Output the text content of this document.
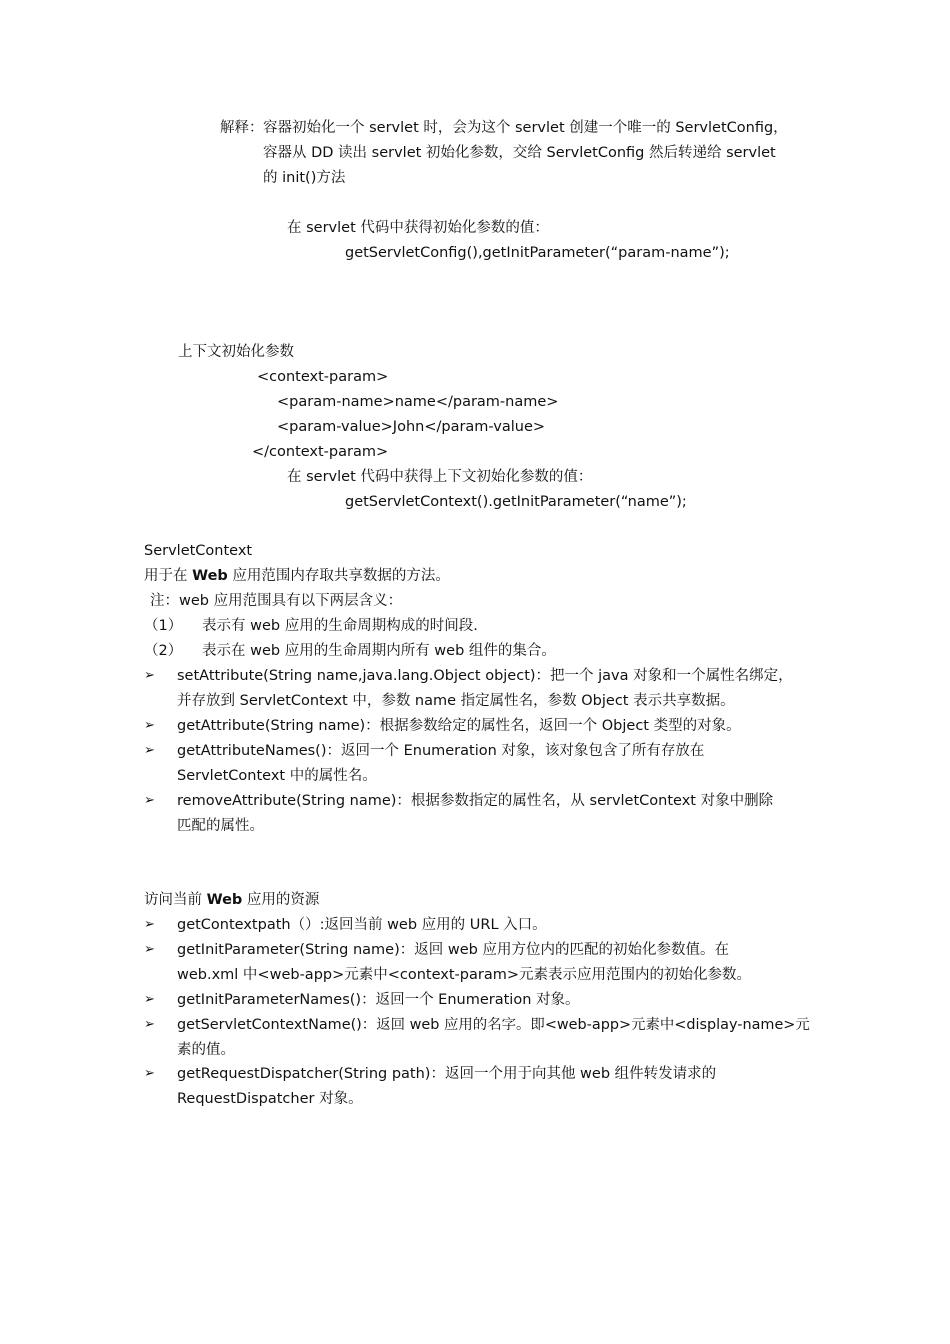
解释： 容器初始化一个 servlet 时，会为这个 servlet 创建一个唯一的 ServletConfig，
容器从 DD 读出 servlet 初始化参数，交给 ServletConfig 然后转递给 servlet
的 init()方法
在 servlet 代码中获得初始化参数的值：
getServletConfig(),getInitParameter(“param-name”);
上下文初始化参数
<context-param>
<param-name>name</param-name>
<param-value>John</param-value>
</context-param>
在 servlet 代码中获得上下文初始化参数的值：
getServletContext().getInitParameter(“name”);
ServletContext
用于在 Web 应用范围内存取共享数据的方法。
注：web 应用范围具有以下两层含义：
（1） 表示有 web 应用的生命周期构成的时间段.
（2） 表示在 web 应用的生命周期内所有 web 组件的集合。
➢ setAttribute(String name,java.lang.Object object)：把一个 java 对象和一个属性名绑定，
并存放到 ServletContext 中，参数 name 指定属性名，参数 Object 表示共享数据。
➢ getAttribute(String name)：根据参数给定的属性名，返回一个 Object 类型的对象。
➢ getAttributeNames()：返回一个 Enumeration 对象，该对象包含了所有存放在
ServletContext 中的属性名。
➢ removeAttribute(String name)：根据参数指定的属性名，从 servletContext 对象中删除
匹配的属性。
访问当前 Web 应用的资源
➢ getContextpath（）:返回当前 web 应用的 URL 入口。
➢ getInitParameter(String name)：返回 web 应用方位内的匹配的初始化参数值。在
web.xml 中<web-app>元素中<context-param>元素表示应用范围内的初始化参数。
➢ getInitParameterNames()：返回一个 Enumeration 对象。
➢ getServletContextName()：返回 web 应用的名字。即<web-app>元素中<display-name>元
素的值。
➢ getRequestDispatcher(String path)：返回一个用于向其他 web 组件转发请求的
RequestDispatcher 对象。
